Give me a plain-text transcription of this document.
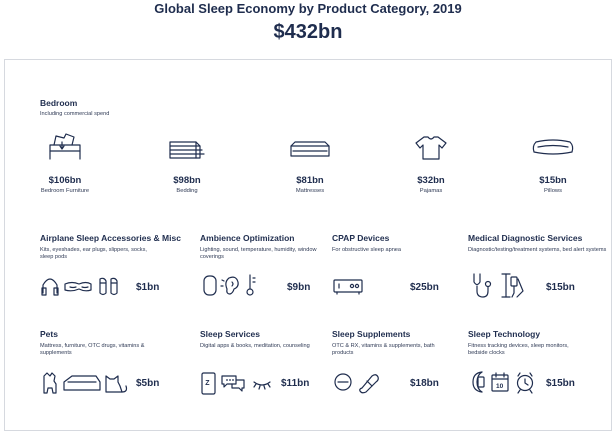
Global Sleep Economy by Product Category, 2019
$432bn
Bedroom
Including commercial spend
$106bn
Bedroom Furniture
$98bn
Bedding
$81bn
Mattresses
$32bn
Pajamas
$15bn
Pillows
Airplane Sleep Accessories & Misc
Kits, eyeshades, ear plugs, slippers, socks, sleep pods
$1bn
Ambience Optimization
Lighting, sound, temperature, humidity, window coverings
$9bn
CPAP Devices
For obstructive sleep apnea
$25bn
Medical Diagnostic Services
Diagnostic/testing/treatment systems, bed alert systems
$15bn
Pets
Mattress, furniture, OTC drugs, vitamins & supplements
$5bn
Sleep Services
Digital apps & books, meditation, counseling
Z	$11bn
Sleep Supplements
OTC & RX, vitamins & supplements, bath products
$18bn
Sleep Technology
Fitness tracking devices, sleep monitors, bedside clocks
10	$15bn
